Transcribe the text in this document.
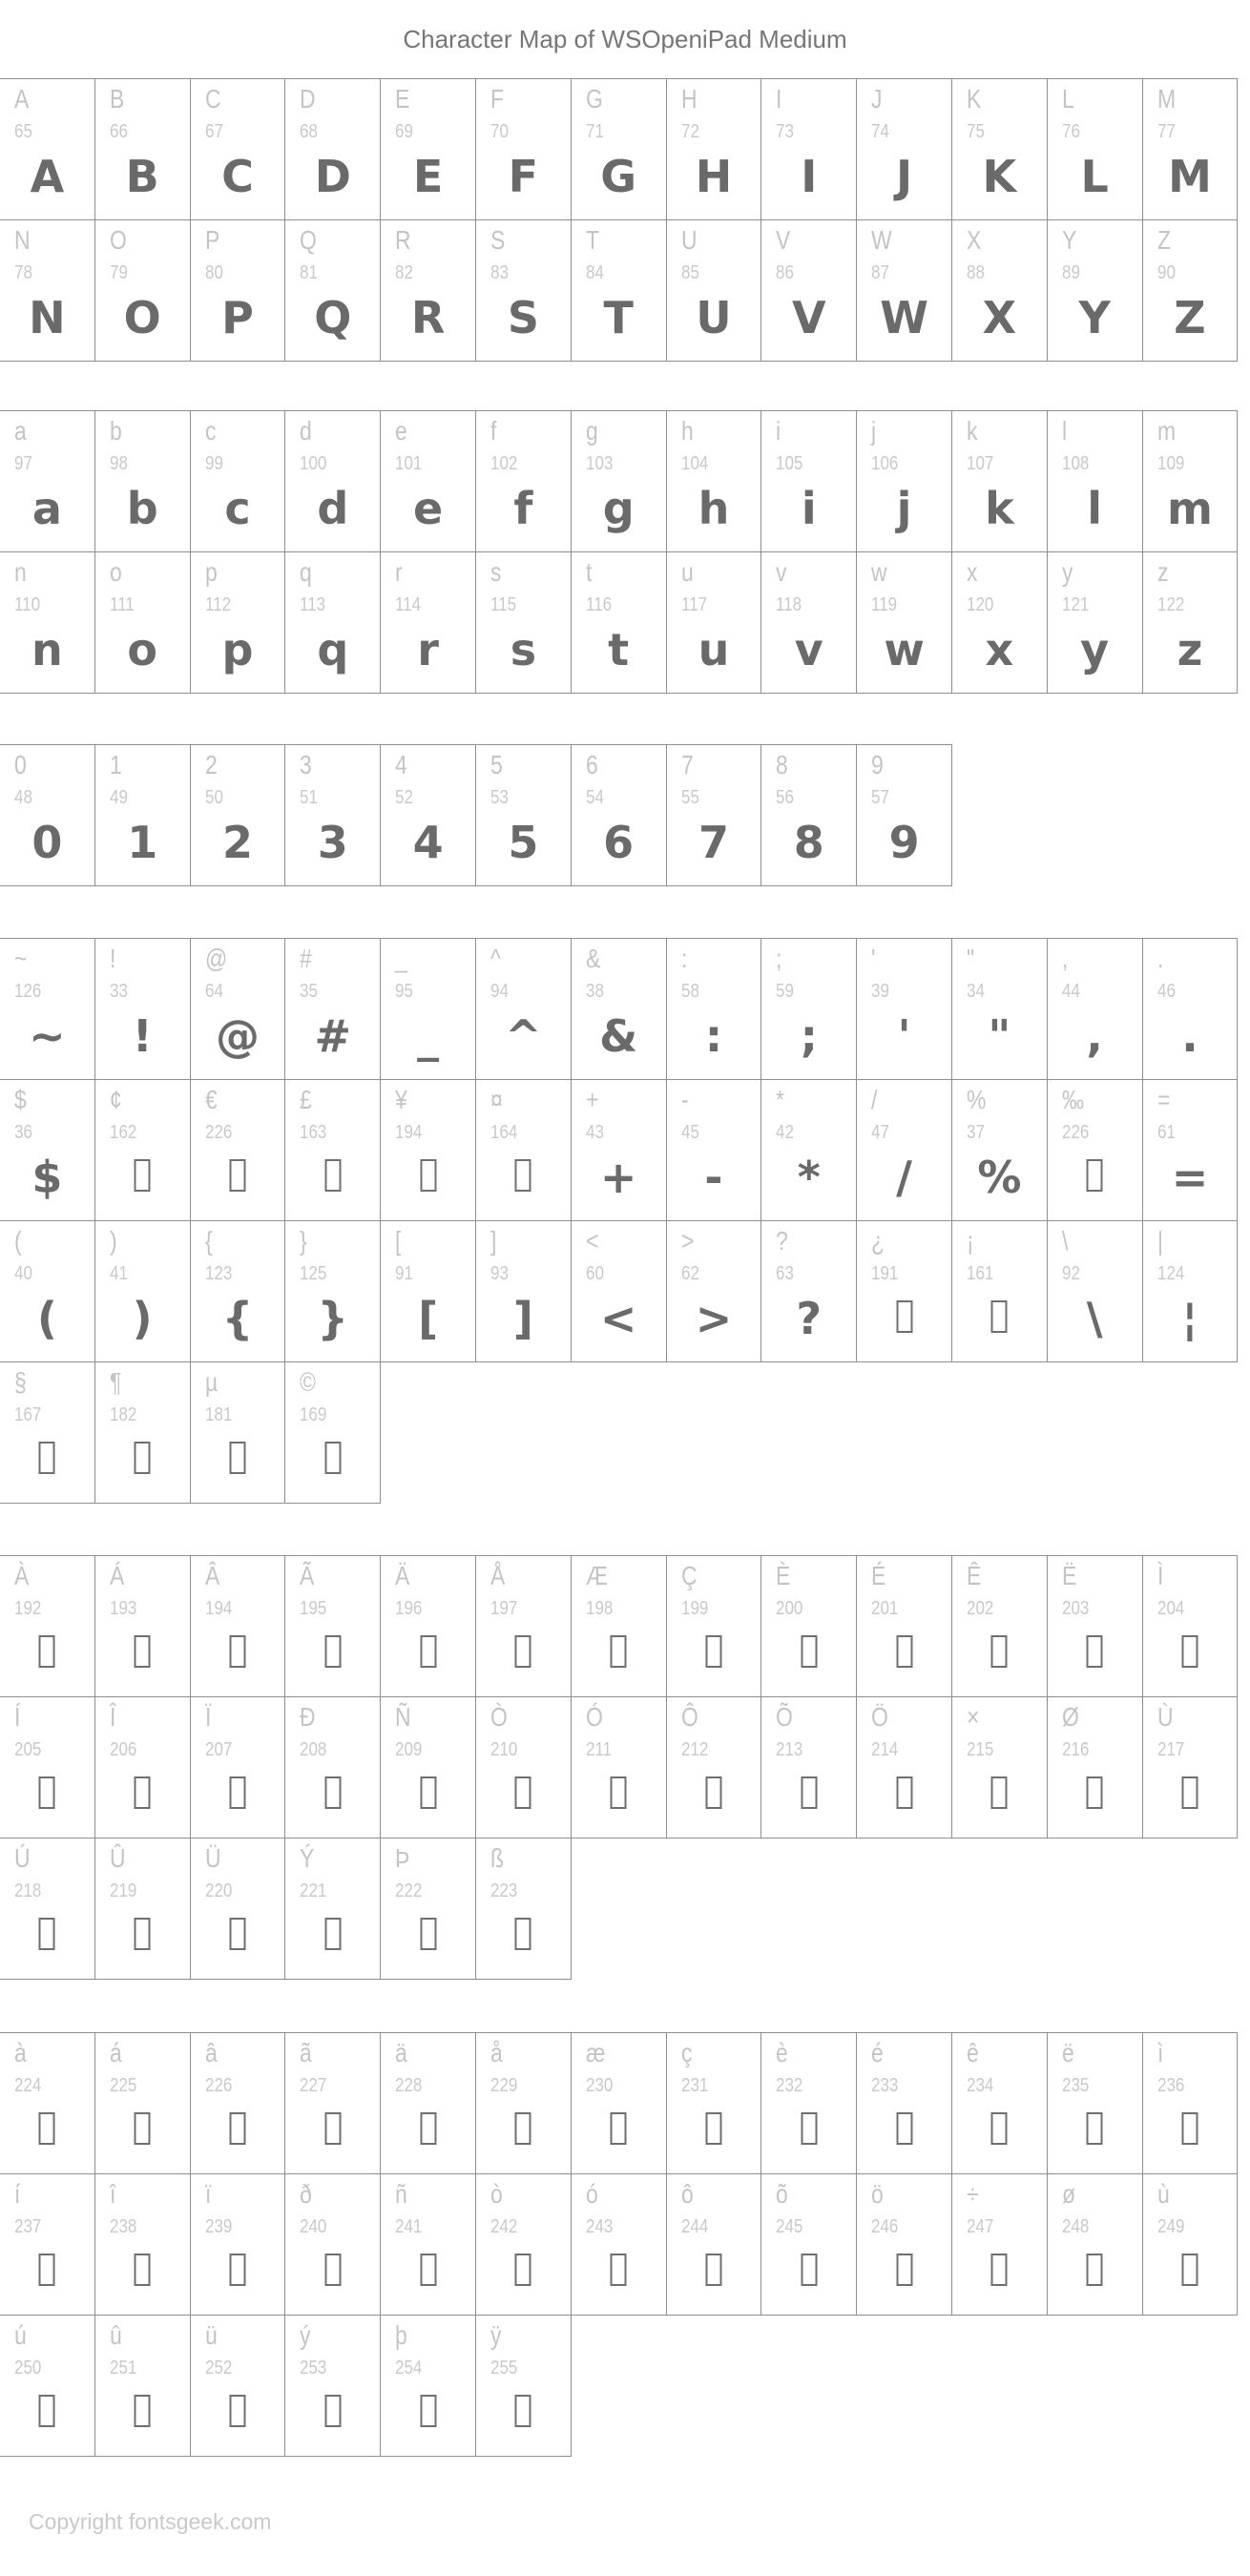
Character Map of WSOpeniPad Medium
A
65
A
B
66
B
C
67
C
D
68
D
E
69
E
F
70
F
G
71
G
H
72
H
I
73
I
J
74
J
K
75
K
L
76
L
M
77
M
N
78
N
O
79
O
P
80
P
Q
81
Q
R
82
R
S
83
S
T
84
T
U
85
U
V
86
V
W
87
W
X
88
X
Y
89
Y
Z
90
Z
a
97
a
b
98
b
c
99
c
d
100
d
e
101
e
f
102
f
g
103
g
h
104
h
i
105
i
j
106
j
k
107
k
l
108
l
m
109
m
n
110
n
o
111
o
p
112
p
q
113
q
r
114
r
s
115
s
t
116
t
u
117
u
v
118
v
w
119
w
x
120
x
y
121
y
z
122
z
0
48
0
1
49
1
2
50
2
3
51
3
4
52
4
5
53
5
6
54
6
7
55
7
8
56
8
9
57
9
~
126
~
!
33
!
@
64
@
#
35
#
_
95
_
^
94
^
&
38
&
:
58
:
;
59
;
'
39
'
"
34
"
,
44
,
.
46
.
$
36
$
¢
162
€
226
£
163
¥
194
¤
164
+
43
+
-
45
-
*
42
*
/
47
/
%
37
%
‰
226
=
61
=
(
40
(
)
41
)
{
123
{
}
125
}
[
91
[
]
93
]
<
60
<
>
62
>
?
63
?
¿
191
¡
161
\
92
\
|
124
¦
§
167
¶
182
µ
181
©
169
À
192
Á
193
Â
194
Ã
195
Ä
196
Å
197
Æ
198
Ç
199
È
200
É
201
Ê
202
Ë
203
Ì
204
Í
205
Î
206
Ï
207
Ð
208
Ñ
209
Ò
210
Ó
211
Ô
212
Õ
213
Ö
214
×
215
Ø
216
Ù
217
Ú
218
Û
219
Ü
220
Ý
221
Þ
222
ß
223
à
224
á
225
â
226
ã
227
ä
228
å
229
æ
230
ç
231
è
232
é
233
ê
234
ë
235
ì
236
í
237
î
238
ï
239
ð
240
ñ
241
ò
242
ó
243
ô
244
õ
245
ö
246
÷
247
ø
248
ù
249
ú
250
û
251
ü
252
ý
253
þ
254
ÿ
255
Copyright fontsgeek.com
